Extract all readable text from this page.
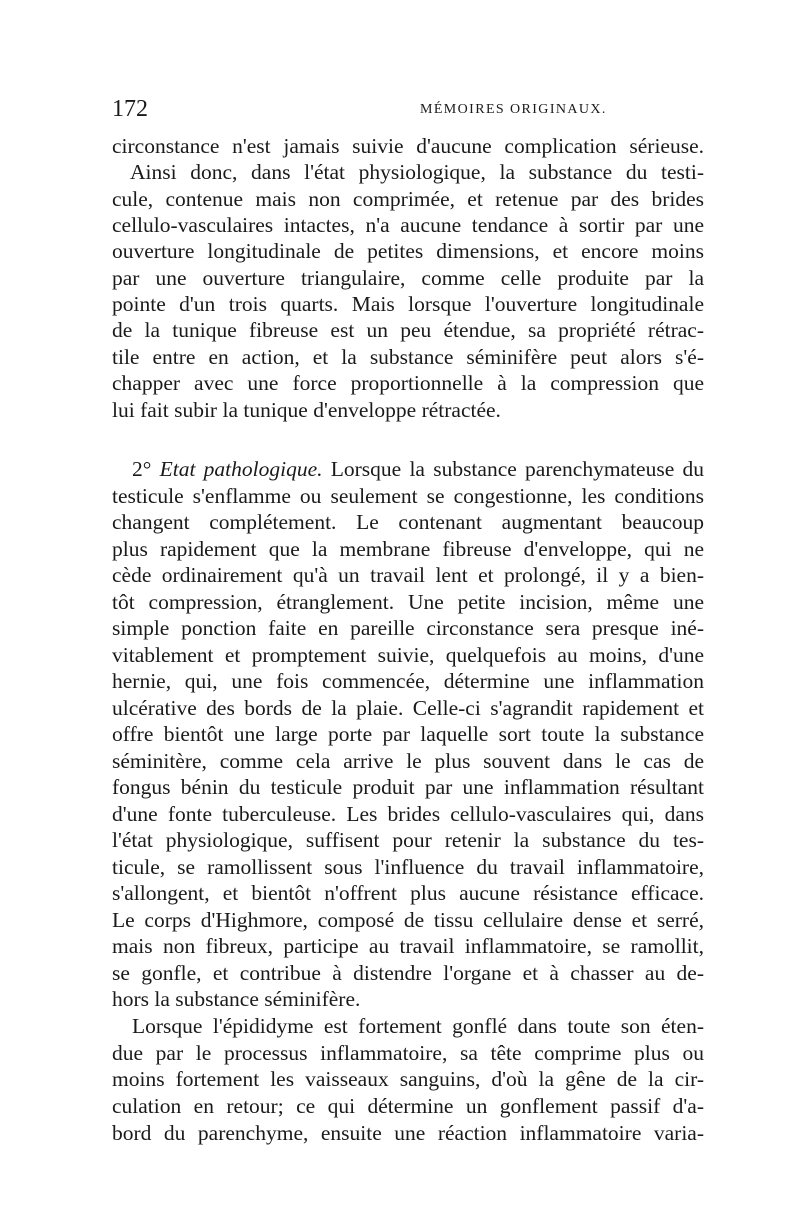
172	MÉMOIRES ORIGINAUX.
circonstance n'est jamais suivie d'aucune complication sérieuse.
Ainsi donc, dans l'état physiologique, la substance du testi-
cule, contenue mais non comprimée, et retenue par des brides
cellulo-vasculaires intactes, n'a aucune tendance à sortir par une
ouverture longitudinale de petites dimensions, et encore moins
par une ouverture triangulaire, comme celle produite par la
pointe d'un trois quarts. Mais lorsque l'ouverture longitudinale
de la tunique fibreuse est un peu étendue, sa propriété rétrac-
tile entre en action, et la substance séminifère peut alors s'é-
chapper avec une force proportionnelle à la compression que
lui fait subir la tunique d'enveloppe rétractée.
2° Etat pathologique. Lorsque la substance parenchymateuse du
testicule s'enflamme ou seulement se congestionne, les conditions
changent complétement. Le contenant augmentant beaucoup
plus rapidement que la membrane fibreuse d'enveloppe, qui ne
cède ordinairement qu'à un travail lent et prolongé, il y a bien-
tôt compression, étranglement. Une petite incision, même une
simple ponction faite en pareille circonstance sera presque iné-
vitablement et promptement suivie, quelquefois au moins, d'une
hernie, qui, une fois commencée, détermine une inflammation
ulcérative des bords de la plaie. Celle-ci s'agrandit rapidement et
offre bientôt une large porte par laquelle sort toute la substance
séminitère, comme cela arrive le plus souvent dans le cas de
fongus bénin du testicule produit par une inflammation résultant
d'une fonte tuberculeuse. Les brides cellulo-vasculaires qui, dans
l'état physiologique, suffisent pour retenir la substance du tes-
ticule, se ramollissent sous l'influence du travail inflammatoire,
s'allongent, et bientôt n'offrent plus aucune résistance efficace.
Le corps d'Highmore, composé de tissu cellulaire dense et serré,
mais non fibreux, participe au travail inflammatoire, se ramollit,
se gonfle, et contribue à distendre l'organe et à chasser au de-
hors la substance séminifère.
Lorsque l'épididyme est fortement gonflé dans toute son éten-
due par le processus inflammatoire, sa tête comprime plus ou
moins fortement les vaisseaux sanguins, d'où la gêne de la cir-
culation en retour; ce qui détermine un gonflement passif d'a-
bord du parenchyme, ensuite une réaction inflammatoire varia-
